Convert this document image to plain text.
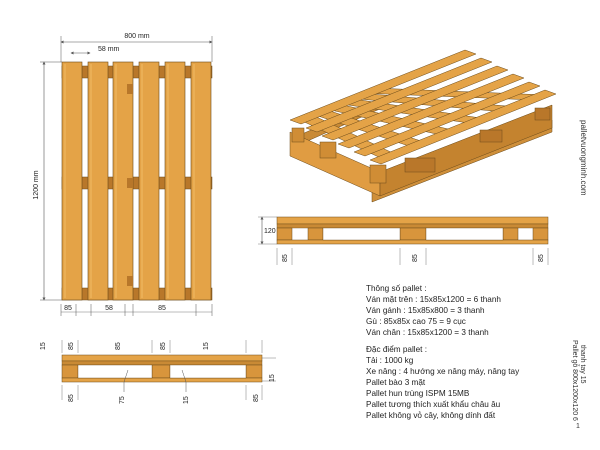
800 mm
58 mm
1200 mm
85	58	85
120
85	85	85
15	85	85	85	15
85	75	15	85
15
Thông số pallet :
Ván mặt trên : 15x85x1200 = 6 thanh
Ván gánh : 15x85x800 = 3 thanh
Gù : 85x85x cao 75 = 9 cục
Ván chân : 15x85x1200 = 3 thanh
Đặc điểm pallet :
Tải : 1000 kg
Xe nâng : 4 hướng xe nâng máy, nâng tay
Pallet bào 3 mặt
Pallet hun trùng ISPM 15MB
Pallet tương thích xuất khẩu châu âu
Pallet không vỏ cây, không dính đất
palletvuongminh.com
Pallet gỗ 800x1200x120 6 thanh tay 15
1
